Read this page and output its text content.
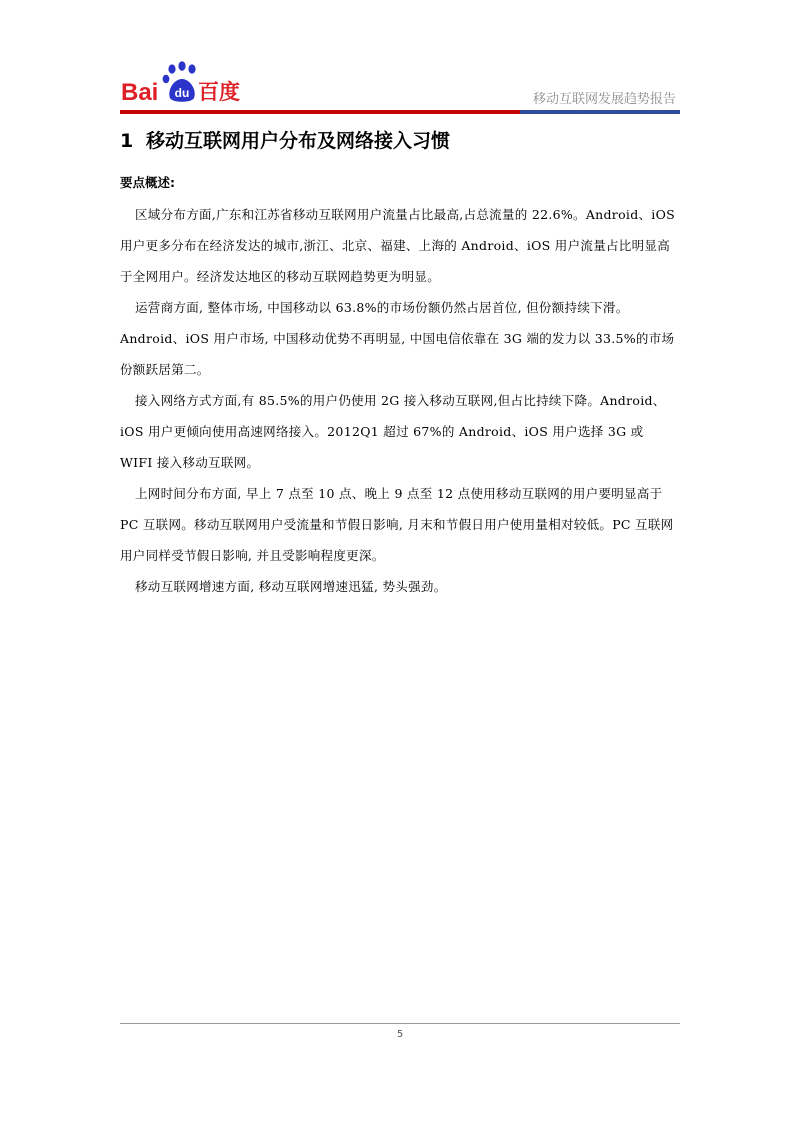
Bai du 百度	移动互联网发展趋势报告
1 移动互联网用户分布及网络接入习惯
要点概述:

区域分布方面,广东和江苏省移动互联网用户流量占比最高,占总流量的 22.6%。Android、iOS 用户更多分布在经济发达的城市,浙江、北京、福建、上海的 Android、iOS 用户流量占比明显高于全网用户。经济发达地区的移动互联网趋势更为明显。

运营商方面, 整体市场, 中国移动以 63.8%的市场份额仍然占居首位, 但份额持续下滑。Android、iOS 用户市场, 中国移动优势不再明显, 中国电信依靠在 3G 端的发力以 33.5%的市场份额跃居第二。

接入网络方式方面,有 85.5%的用户仍使用 2G 接入移动互联网,但占比持续下降。Android、iOS 用户更倾向使用高速网络接入。2012Q1 超过 67%的 Android、iOS 用户选择 3G 或 WIFI 接入移动互联网。

上网时间分布方面, 早上 7 点至 10 点、晚上 9 点至 12 点使用移动互联网的用户要明显高于 PC 互联网。移动互联网用户受流量和节假日影响, 月末和节假日用户使用量相对较低。PC 互联网用户同样受节假日影响, 并且受影响程度更深。

移动互联网增速方面, 移动互联网增速迅猛, 势头强劲。

5
